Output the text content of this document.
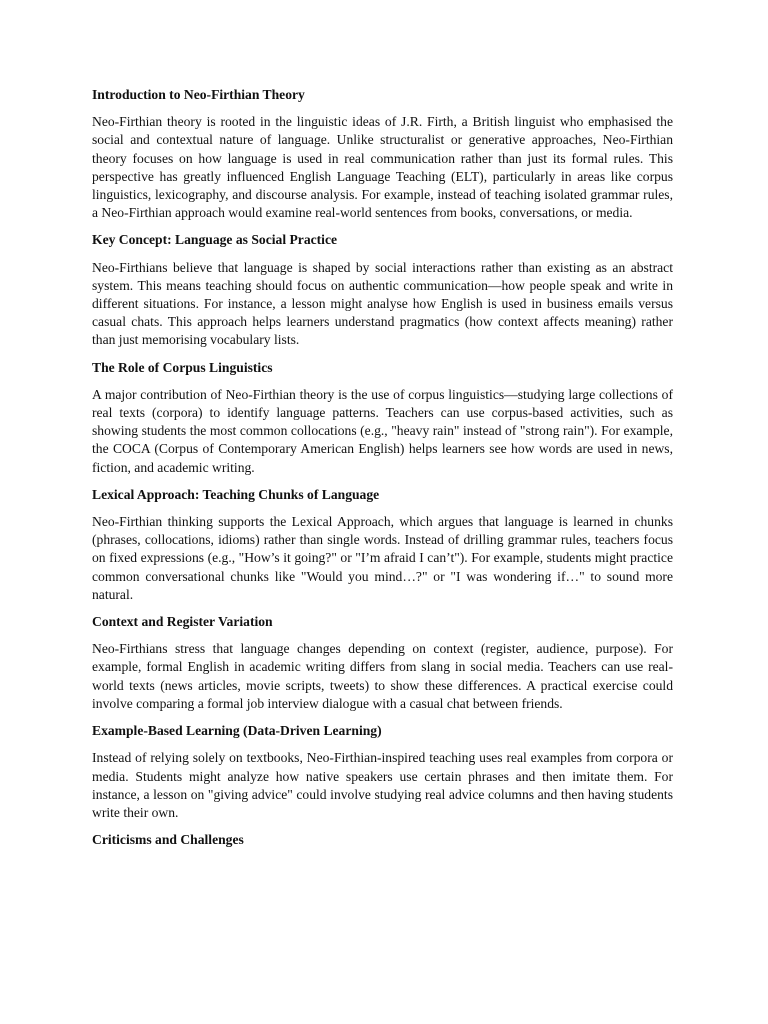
Introduction to Neo-Firthian Theory
Neo-Firthian theory is rooted in the linguistic ideas of J.R. Firth, a British linguist who emphasised the social and contextual nature of language. Unlike structuralist or generative approaches, Neo-Firthian theory focuses on how language is used in real communication rather than just its formal rules. This perspective has greatly influenced English Language Teaching (ELT), particularly in areas like corpus linguistics, lexicography, and discourse analysis. For example, instead of teaching isolated grammar rules, a Neo-Firthian approach would examine real-world sentences from books, conversations, or media.
Key Concept: Language as Social Practice
Neo-Firthians believe that language is shaped by social interactions rather than existing as an abstract system. This means teaching should focus on authentic communication—how people speak and write in different situations. For instance, a lesson might analyse how English is used in business emails versus casual chats. This approach helps learners understand pragmatics (how context affects meaning) rather than just memorising vocabulary lists.
The Role of Corpus Linguistics
A major contribution of Neo-Firthian theory is the use of corpus linguistics—studying large collections of real texts (corpora) to identify language patterns. Teachers can use corpus-based activities, such as showing students the most common collocations (e.g., "heavy rain" instead of "strong rain"). For example, the COCA (Corpus of Contemporary American English) helps learners see how words are used in news, fiction, and academic writing.
Lexical Approach: Teaching Chunks of Language
Neo-Firthian thinking supports the Lexical Approach, which argues that language is learned in chunks (phrases, collocations, idioms) rather than single words. Instead of drilling grammar rules, teachers focus on fixed expressions (e.g., "How’s it going?" or "I’m afraid I can’t"). For example, students might practice common conversational chunks like "Would you mind…?" or "I was wondering if…" to sound more natural.
Context and Register Variation
Neo-Firthians stress that language changes depending on context (register, audience, purpose). For example, formal English in academic writing differs from slang in social media. Teachers can use real-world texts (news articles, movie scripts, tweets) to show these differences. A practical exercise could involve comparing a formal job interview dialogue with a casual chat between friends.
Example-Based Learning (Data-Driven Learning)
Instead of relying solely on textbooks, Neo-Firthian-inspired teaching uses real examples from corpora or media. Students might analyze how native speakers use certain phrases and then imitate them. For instance, a lesson on "giving advice" could involve studying real advice columns and then having students write their own.
Criticisms and Challenges
